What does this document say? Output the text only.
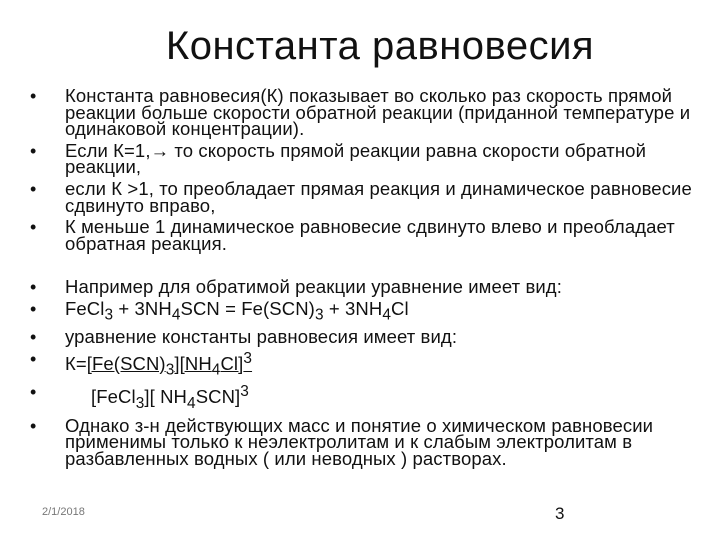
Константа равновесия
• Константа равновесия(К) показывает во сколько раз скорость прямой реакции больше скорости обратной реакции (приданной температуре и одинаковой концентрации).
• Если К=1,→ то скорость прямой реакции равна скорости обратной реакции,
• если К >1, то преобладает прямая реакция и динамическое равновесие сдвинуто вправо,
• К меньше 1 динамическое равновесие сдвинуто влево и преобладает обратная реакция.
• Например для обратимой реакции уравнение имеет вид:
• FeCl$_3$ + $3NH_4SCN = Fe(SCN)_3 + 3NH_4Cl$
• уравнение константы равновесия имеет вид:
• $К=[Fe(SCN)_3][NH_4Cl]^3$
•	[FeCl$_3$][ $NH_4SCN]^3$
• Однако з-н действующих масс и понятие о химическом равновесии применимы только к неэлектролитам и к слабым электролитам в разбавленных водных ( или неводных ) растворах.
2/1/2018	3
